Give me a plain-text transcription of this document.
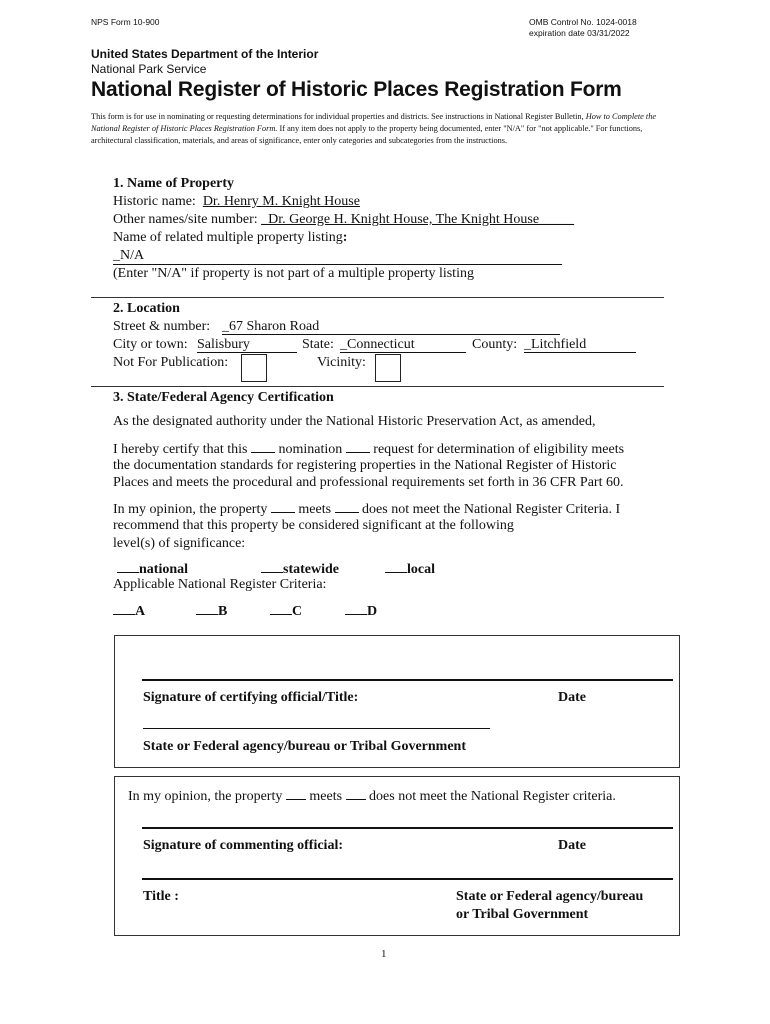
NPS Form 10-900	OMB Control No. 1024-0018
expiration date 03/31/2022
United States Department of the Interior
National Park Service
National Register of Historic Places Registration Form
This form is for use in nominating or requesting determinations for individual properties and districts. See instructions in National Register Bulletin, How to Complete the National Register of Historic Places Registration Form. If any item does not apply to the property being documented, enter "N/A" for "not applicable." For functions, architectural classification, materials, and areas of significance, enter only categories and subcategories from the instructions.
1. Name of Property
Historic name: Dr. Henry M. Knight House
Other names/site number: _Dr. George H. Knight House, The Knight House_____
Name of related multiple property listing:
_N/A
(Enter "N/A" if property is not part of a multiple property listing
2. Location
Street & number: _67 Sharon Road
City or town: Salisbury	State: _Connecticut	County: _Litchfield
Not For Publication:	Vicinity:
3. State/Federal Agency Certification
As the designated authority under the National Historic Preservation Act, as amended,
I hereby certify that this nomination request for determination of eligibility meets
the documentation standards for registering properties in the National Register of Historic
Places and meets the procedural and professional requirements set forth in 36 CFR Part 60.
In my opinion, the property meets does not meet the National Register Criteria. I
recommend that this property be considered significant at the following
level(s) of significance:
national	statewide	local
Applicable National Register Criteria:
A	B	C	D
Signature of certifying official/Title:	Date
State or Federal agency/bureau or Tribal Government
In my opinion, the property meets does not meet the National Register criteria.
Signature of commenting official:	Date
Title :	State or Federal agency/bureau
or Tribal Government
1
